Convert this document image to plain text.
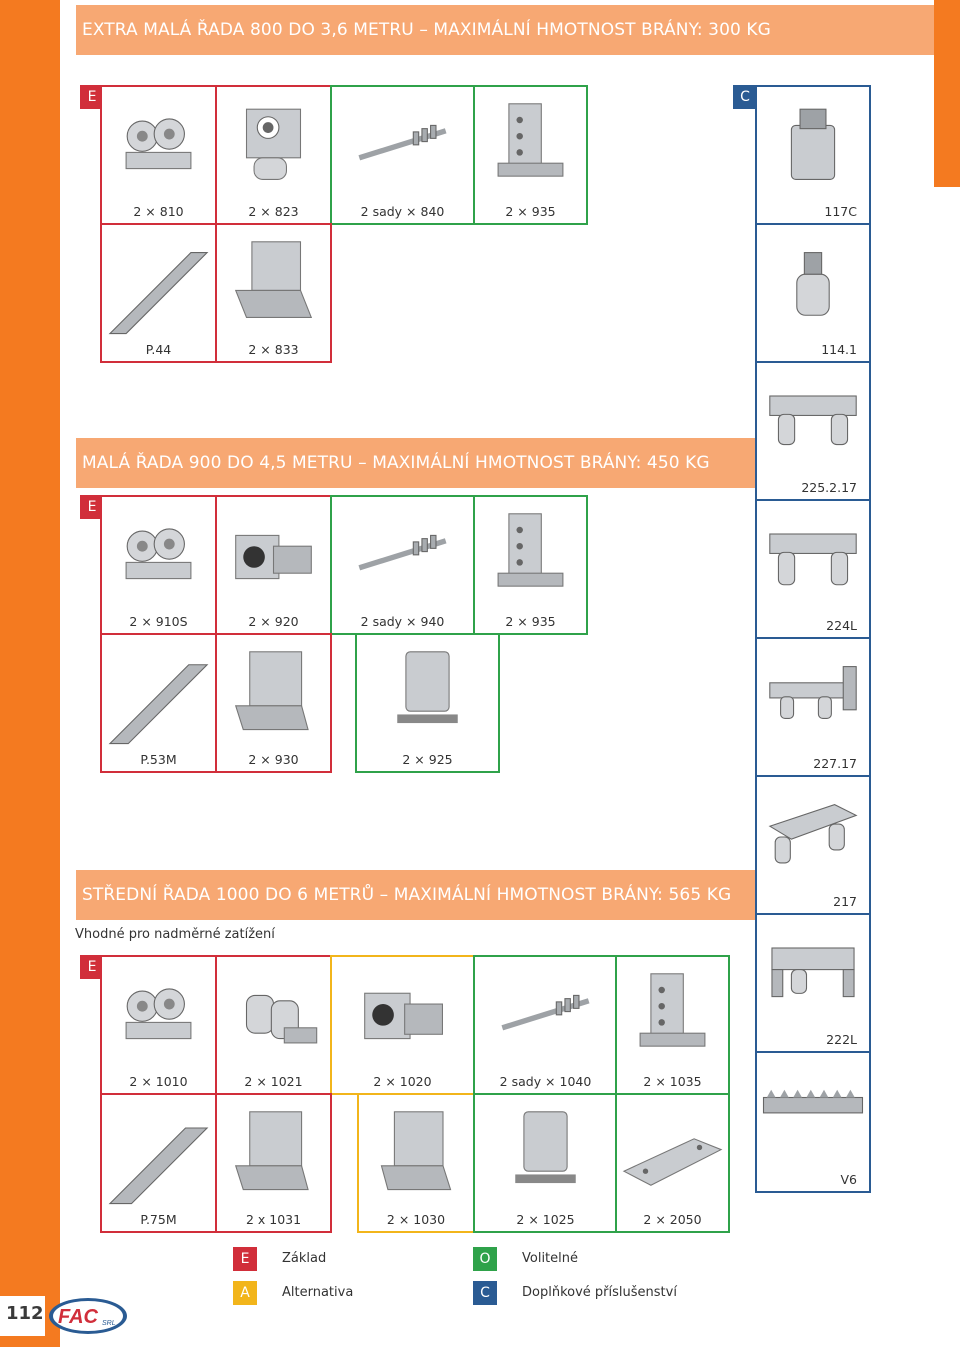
EXTRA MALÁ ŘADA 800 DO 3,6 METRU – MAXIMÁLNÍ HMOTNOST BRÁNY: 300 KG
E	C
2 × 810	2 × 823	2 sady × 840	2 × 935
P.44	2 × 833
MALÁ ŘADA 900 DO 4,5 METRU – MAXIMÁLNÍ HMOTNOST BRÁNY: 450 KG
E
2 × 910S	2 × 920	2 sady × 940	2 × 935
P.53M	2 × 930	2 × 925
STŘEDNÍ ŘADA 1000 DO 6 METRŮ – MAXIMÁLNÍ HMOTNOST BRÁNY: 565 KG
Vhodné pro nadměrné zatížení
E
2 × 1010	2 × 1021	2 × 1020	2 sady × 1040	2 × 1035
P.75M	2 x 1031	2 × 1030	2 × 1025	2 × 2050
117C
114.1
225.2.17
224L
227.17
217
222L
V6
E	Základ	O	Volitelné
A	Alternativa	C	Doplňkové příslušenství
112 FAC SRL
